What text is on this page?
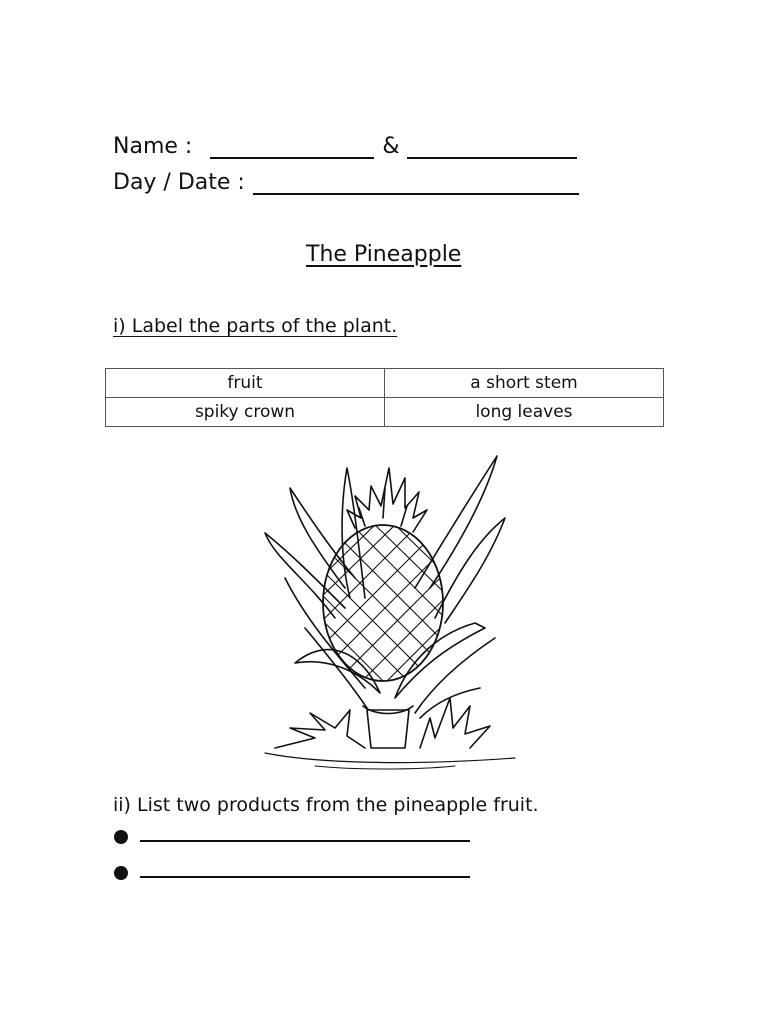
Name :	&
Day / Date :
The Pineapple
i) Label the parts of the plant.
fruit	a short stem
spiky crown	long leaves
ii) List two products from the pineapple fruit.
